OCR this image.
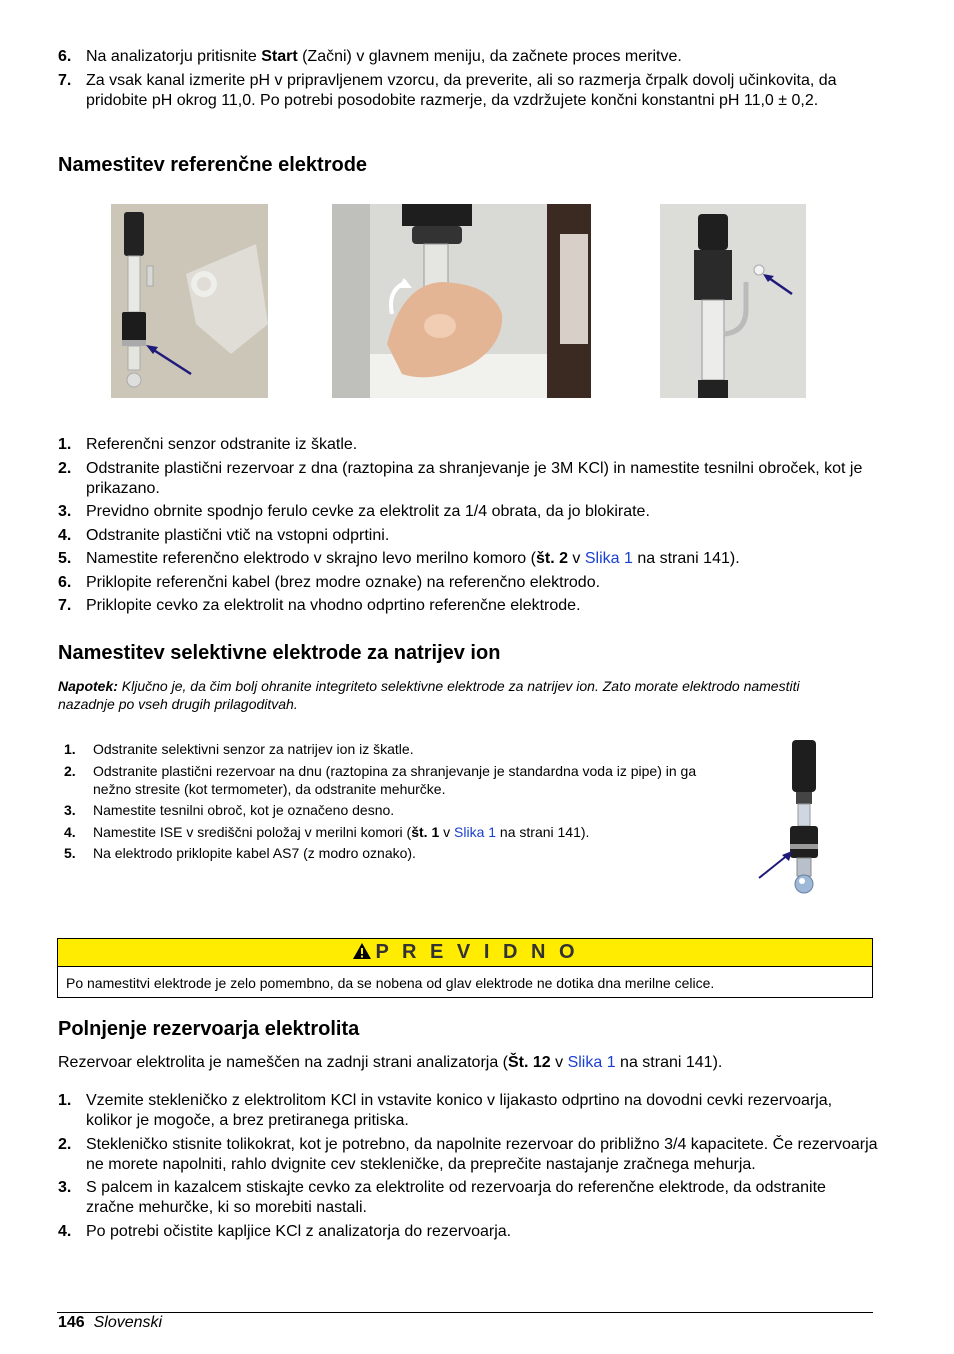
6. Na analizatorju pritisnite Start (Začni) v glavnem meniju, da začnete proces meritve.
7. Za vsak kanal izmerite pH v pripravljenem vzorcu, da preverite, ali so razmerja črpalk dovolj učinkovita, da pridobite pH okrog 11,0. Po potrebi posodobite razmerje, da vzdržujete končni konstantni pH 11,0 ± 0,2.
Namestitev referenčne elektrode
1. Referenčni senzor odstranite iz škatle.
2. Odstranite plastični rezervoar z dna (raztopina za shranjevanje je 3M KCl) in namestite tesnilni obroček, kot je prikazano.
3. Previdno obrnite spodnjo ferulo cevke za elektrolit za 1/4 obrata, da jo blokirate.
4. Odstranite plastični vtič na vstopni odprtini.
5. Namestite referenčno elektrodo v skrajno levo merilno komoro (št. 2 v Slika 1 na strani 141).
6. Priklopite referenčni kabel (brez modre oznake) na referenčno elektrodo.
7. Priklopite cevko za elektrolit na vhodno odprtino referenčne elektrode.
Namestitev selektivne elektrode za natrijev ion
Napotek: Ključno je, da čim bolj ohranite integriteto selektivne elektrode za natrijev ion. Zato morate elektrodo namestiti nazadnje po vseh drugih prilagoditvah.
1. Odstranite selektivni senzor za natrijev ion iz škatle.
2. Odstranite plastični rezervoar na dnu (raztopina za shranjevanje je standardna voda iz pipe) in ga nežno stresite (kot termometer), da odstranite mehurčke.
3. Namestite tesnilni obroč, kot je označeno desno.
4. Namestite ISE v središčni položaj v merilni komori (št. 1 v Slika 1 na strani 141).
5. Na elektrodo priklopite kabel AS7 (z modro oznako).
P R E V I D N O
Po namestitvi elektrode je zelo pomembno, da se nobena od glav elektrode ne dotika dna merilne celice.
Polnjenje rezervoarja elektrolita
Rezervoar elektrolita je nameščen na zadnji strani analizatorja (Št. 12 v Slika 1 na strani 141).
1. Vzemite stekleničko z elektrolitom KCl in vstavite konico v lijakasto odprtino na dovodni cevki rezervoarja, kolikor je mogoče, a brez pretiranega pritiska.
2. Stekleničko stisnite tolikokrat, kot je potrebno, da napolnite rezervoar do približno 3/4 kapacitete. Če rezervoarja ne morete napolniti, rahlo dvignite cev stekleničke, da preprečite nastajanje zračnega mehurja.
3. S palcem in kazalcem stiskajte cevko za elektrolite od rezervoarja do referenčne elektrode, da odstranite zračne mehurčke, ki so morebiti nastali.
4. Po potrebi očistite kapljice KCl z analizatorja do rezervoarja.
146 Slovenski
